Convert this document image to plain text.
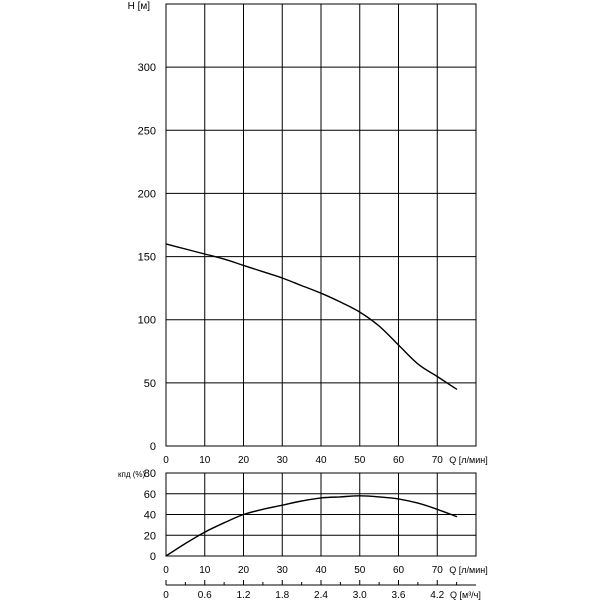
0
50
100
150
200
250
300
0	10	20	30	40	50	60	70 Q [л/мин]
H [м]
0
20
40
60
80
0	10	20	30	40	50	60	70 Q [л/мин]
кпд (%)
0	0.6 1.2 1.8 2.4 3.0 3.6 4.2 Q [м³/ч]
